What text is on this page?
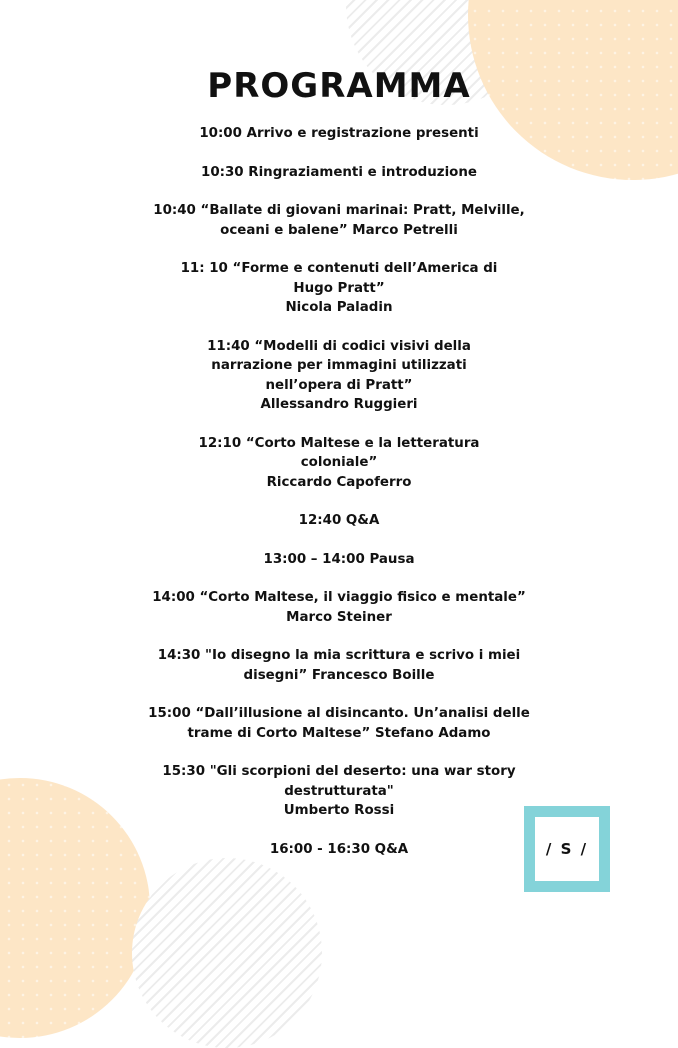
PROGRAMMA
10:00 Arrivo e registrazione presenti
10:30 Ringraziamenti e introduzione
10:40 “Ballate di giovani marinai: Pratt, Melville,
oceani e balene” Marco Petrelli
11: 10 “Forme e contenuti dell’America di
Hugo Pratt”
Nicola Paladin
11:40 “Modelli di codici visivi della
narrazione per immagini utilizzati
nell’opera di Pratt”
Allessandro Ruggieri
12:10 “Corto Maltese e la letteratura
coloniale”
Riccardo Capoferro
12:40 Q&A
13:00 – 14:00 Pausa
14:00 “Corto Maltese, il viaggio fisico e mentale”
Marco Steiner
14:30 "Io disegno la mia scrittura e scrivo i miei
disegni” Francesco Boille
15:00 “Dall’illusione al disincanto. Un’analisi delle
trame di Corto Maltese” Stefano Adamo
15:30 "Gli scorpioni del deserto: una war story
destrutturata"
Umberto Rossi
16:00 - 16:30 Q&A	/ S /
